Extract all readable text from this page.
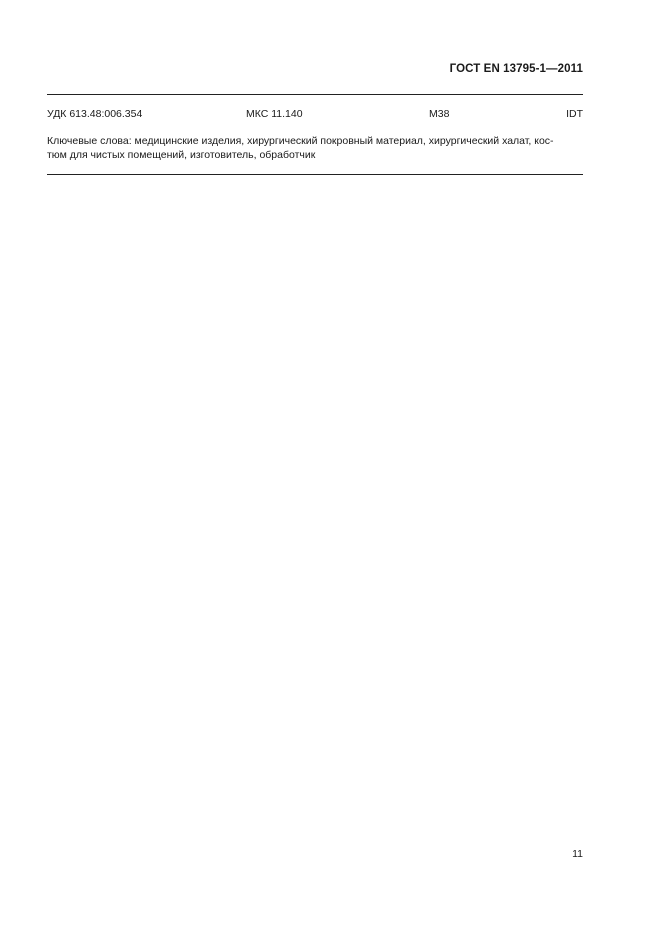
ГОСТ EN 13795-1—2011
УДК 613.48:006.354	МКС 11.140	М38	IDT
Ключевые слова: медицинские изделия, хирургический покровный материал, хирургический халат, кос-
тюм для чистых помещений, изготовитель, обработчик
11
